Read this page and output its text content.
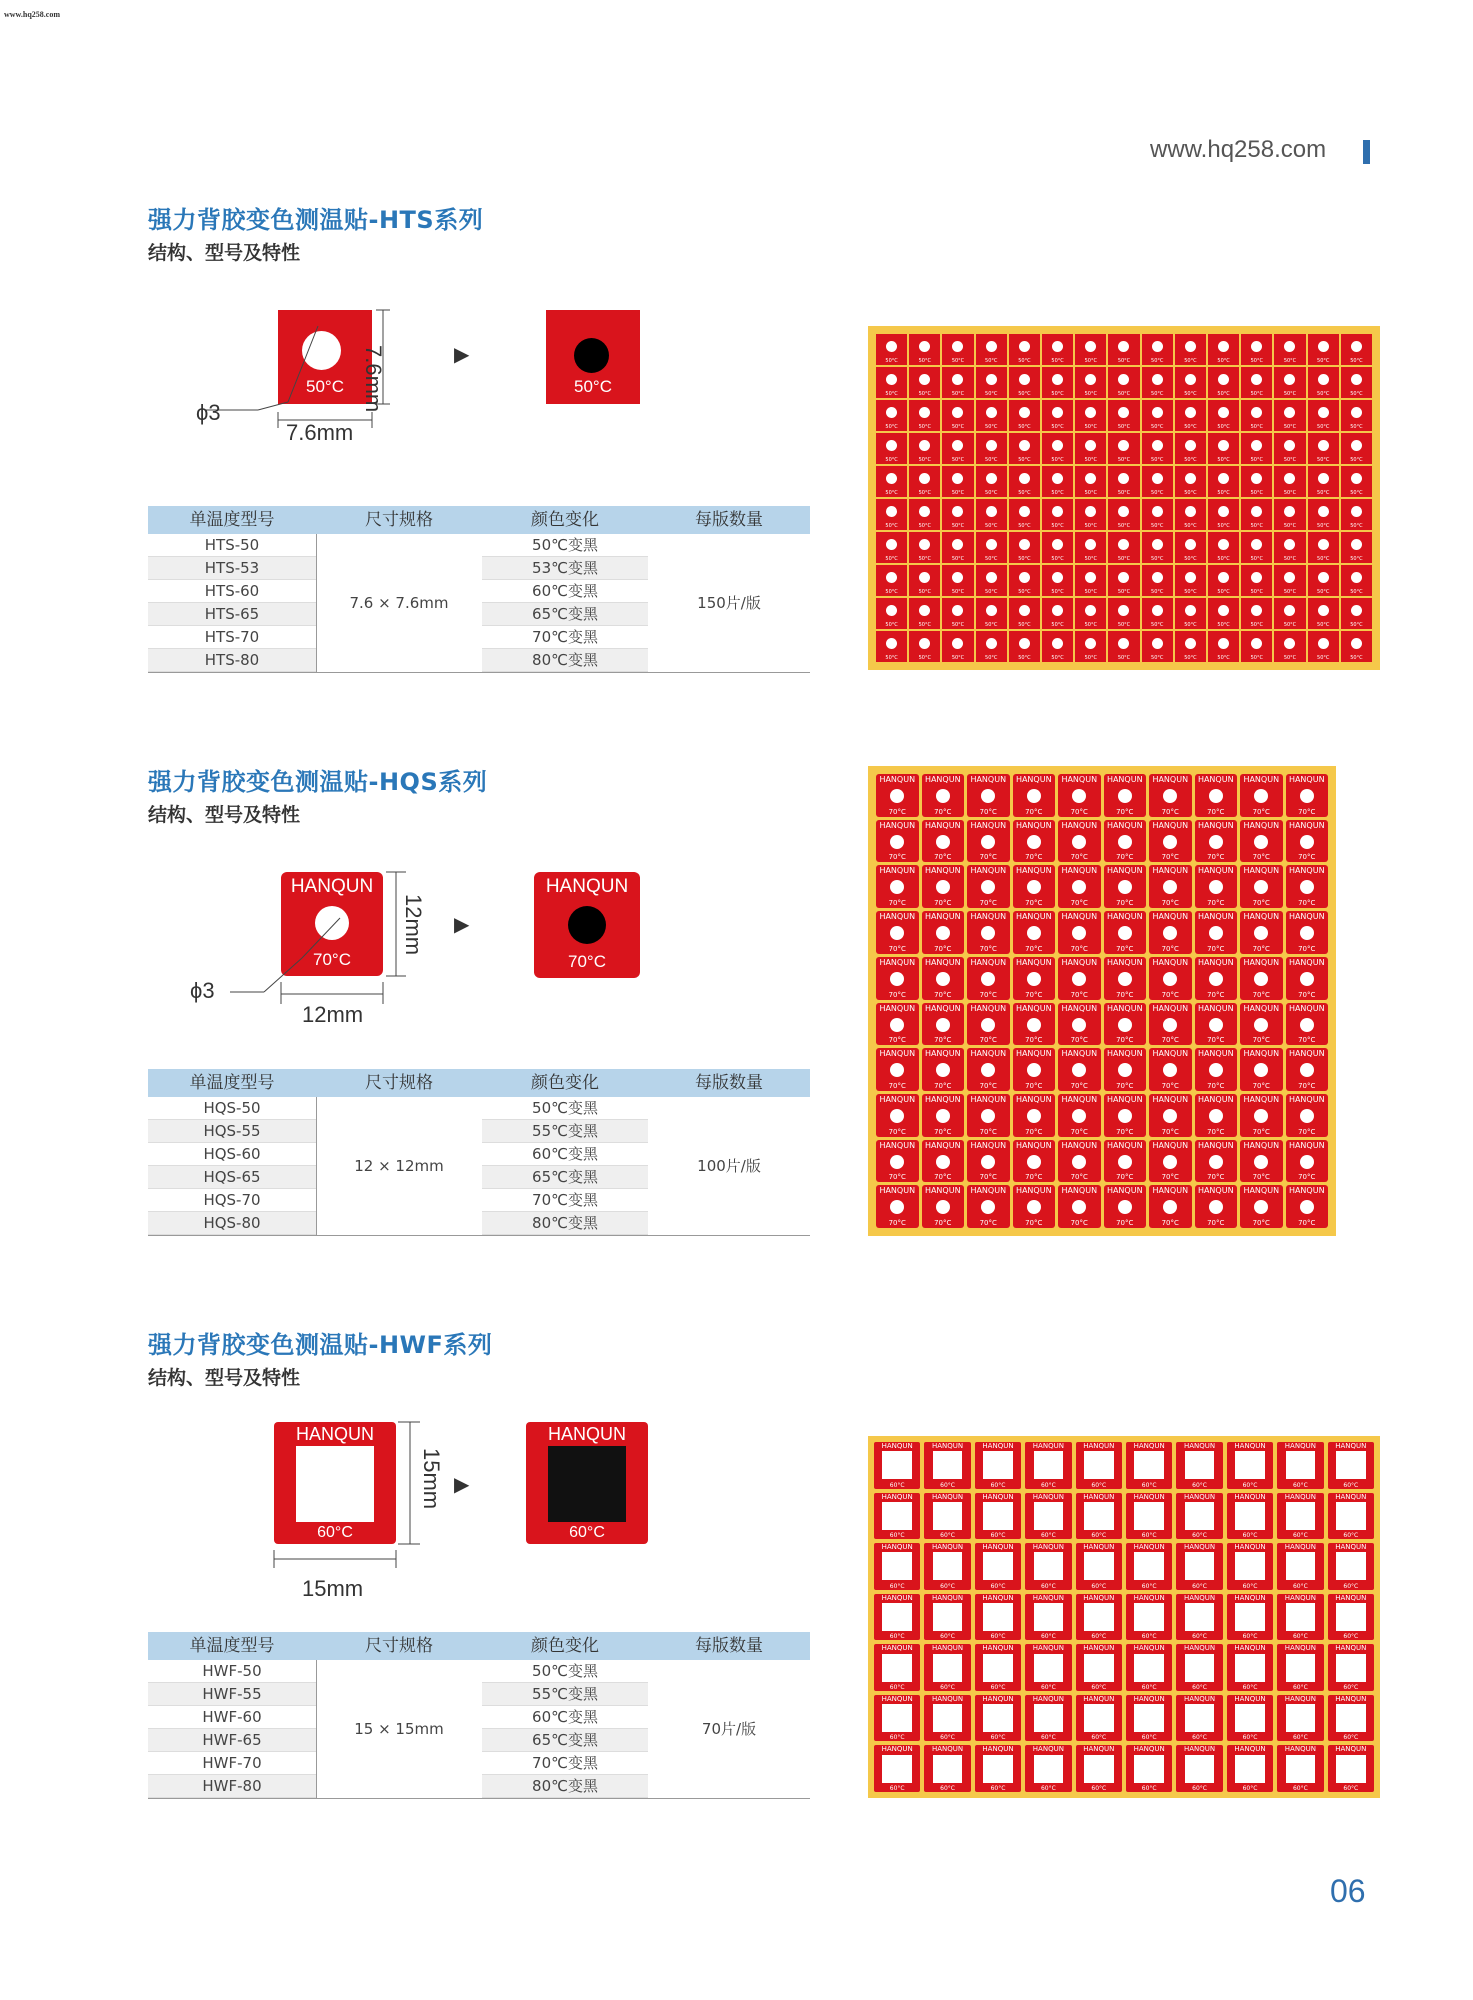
www.hq258.com
www.hq258.com
强力背胶变色测温贴-HTS系列
结构、型号及特性
50°C
ϕ3
7.6mm
7.6mm	▶
50°C
单温度型号	尺寸规格	颜色变化	每版数量
HTS-50	50℃变黑
HTS-53	53℃变黑
HTS-60	60℃变黑
HTS-65	65℃变黑
HTS-70	70℃变黑
HTS-80	80℃变黑
7.6 × 7.6mm	150片/版
50°C	50°C	50°C	50°C	50°C	50°C	50°C	50°C	50°C	50°C	50°C	50°C	50°C	50°C	50°C
50°C	50°C	50°C	50°C	50°C	50°C	50°C	50°C	50°C	50°C	50°C	50°C	50°C	50°C	50°C
50°C	50°C	50°C	50°C	50°C	50°C	50°C	50°C	50°C	50°C	50°C	50°C	50°C	50°C	50°C
50°C	50°C	50°C	50°C	50°C	50°C	50°C	50°C	50°C	50°C	50°C	50°C	50°C	50°C	50°C
50°C	50°C	50°C	50°C	50°C	50°C	50°C	50°C	50°C	50°C	50°C	50°C	50°C	50°C	50°C
50°C	50°C	50°C	50°C	50°C	50°C	50°C	50°C	50°C	50°C	50°C	50°C	50°C	50°C	50°C
50°C	50°C	50°C	50°C	50°C	50°C	50°C	50°C	50°C	50°C	50°C	50°C	50°C	50°C	50°C
50°C	50°C	50°C	50°C	50°C	50°C	50°C	50°C	50°C	50°C	50°C	50°C	50°C	50°C	50°C
50°C	50°C	50°C	50°C	50°C	50°C	50°C	50°C	50°C	50°C	50°C	50°C	50°C	50°C	50°C
50°C	50°C	50°C	50°C	50°C	50°C	50°C	50°C	50°C	50°C	50°C	50°C	50°C	50°C	50°C
强力背胶变色测温贴-HQS系列
结构、型号及特性
HANQUN
70°C
ϕ3
12mm
12mm ▶
HANQUN
70°C
单温度型号	尺寸规格	颜色变化	每版数量
HQS-50	50℃变黑
HQS-55	55℃变黑
HQS-60	60℃变黑
HQS-65	65℃变黑
HQS-70	70℃变黑
HQS-80	80℃变黑
12 × 12mm	100片/版
HANQUN
70°C
HANQUN
70°C
HANQUN
70°C
HANQUN
70°C
HANQUN
70°C
HANQUN
70°C
HANQUN
70°C
HANQUN
70°C
HANQUN
70°C
HANQUN
70°C
HANQUN
70°C
HANQUN
70°C
HANQUN
70°C
HANQUN
70°C
HANQUN
70°C
HANQUN
70°C
HANQUN
70°C
HANQUN
70°C
HANQUN
70°C
HANQUN
70°C
HANQUN
70°C
HANQUN
70°C
HANQUN
70°C
HANQUN
70°C
HANQUN
70°C
HANQUN
70°C
HANQUN
70°C
HANQUN
70°C
HANQUN
70°C
HANQUN
70°C
HANQUN
70°C
HANQUN
70°C
HANQUN
70°C
HANQUN
70°C
HANQUN
70°C
HANQUN
70°C
HANQUN
70°C
HANQUN
70°C
HANQUN
70°C
HANQUN
70°C
HANQUN
70°C
HANQUN
70°C
HANQUN
70°C
HANQUN
70°C
HANQUN
70°C
HANQUN
70°C
HANQUN
70°C
HANQUN
70°C
HANQUN
70°C
HANQUN
70°C
HANQUN
70°C
HANQUN
70°C
HANQUN
70°C
HANQUN
70°C
HANQUN
70°C
HANQUN
70°C
HANQUN
70°C
HANQUN
70°C
HANQUN
70°C
HANQUN
70°C
HANQUN
70°C
HANQUN
70°C
HANQUN
70°C
HANQUN
70°C
HANQUN
70°C
HANQUN
70°C
HANQUN
70°C
HANQUN
70°C
HANQUN
70°C
HANQUN
70°C
HANQUN
70°C
HANQUN
70°C
HANQUN
70°C
HANQUN
70°C
HANQUN
70°C
HANQUN
70°C
HANQUN
70°C
HANQUN
70°C
HANQUN
70°C
HANQUN
70°C
HANQUN
70°C
HANQUN
70°C
HANQUN
70°C
HANQUN
70°C
HANQUN
70°C
HANQUN
70°C
HANQUN
70°C
HANQUN
70°C
HANQUN
70°C
HANQUN
70°C
HANQUN
70°C
HANQUN
70°C
HANQUN
70°C
HANQUN
70°C
HANQUN
70°C
HANQUN
70°C
HANQUN
70°C
HANQUN
70°C
HANQUN
70°C
HANQUN
70°C
强力背胶变色测温贴-HWF系列
结构、型号及特性
HANQUN
60°C
15mm
15mm ▶
HANQUN
60°C
单温度型号	尺寸规格	颜色变化	每版数量
HWF-50	50℃变黑
HWF-55	55℃变黑
HWF-60	60℃变黑
HWF-65	65℃变黑
HWF-70	70℃变黑
HWF-80	80℃变黑
15 × 15mm	70片/版
HANQUN
60°C
HANQUN
60°C
HANQUN
60°C
HANQUN
60°C
HANQUN
60°C
HANQUN
60°C
HANQUN
60°C
HANQUN
60°C
HANQUN
60°C
HANQUN
60°C
HANQUN
60°C
HANQUN
60°C
HANQUN
60°C
HANQUN
60°C
HANQUN
60°C
HANQUN
60°C
HANQUN
60°C
HANQUN
60°C
HANQUN
60°C
HANQUN
60°C
HANQUN
60°C
HANQUN
60°C
HANQUN
60°C
HANQUN
60°C
HANQUN
60°C
HANQUN
60°C
HANQUN
60°C
HANQUN
60°C
HANQUN
60°C
HANQUN
60°C
HANQUN
60°C
HANQUN
60°C
HANQUN
60°C
HANQUN
60°C
HANQUN
60°C
HANQUN
60°C
HANQUN
60°C
HANQUN
60°C
HANQUN
60°C
HANQUN
60°C
HANQUN
60°C
HANQUN
60°C
HANQUN
60°C
HANQUN
60°C
HANQUN
60°C
HANQUN
60°C
HANQUN
60°C
HANQUN
60°C
HANQUN
60°C
HANQUN
60°C
HANQUN
60°C
HANQUN
60°C
HANQUN
60°C
HANQUN
60°C
HANQUN
60°C
HANQUN
60°C
HANQUN
60°C
HANQUN
60°C
HANQUN
60°C
HANQUN
60°C
HANQUN
60°C
HANQUN
60°C
HANQUN
60°C
HANQUN
60°C
HANQUN
60°C
HANQUN
60°C
HANQUN
60°C
HANQUN
60°C
HANQUN
60°C
HANQUN
60°C
06
